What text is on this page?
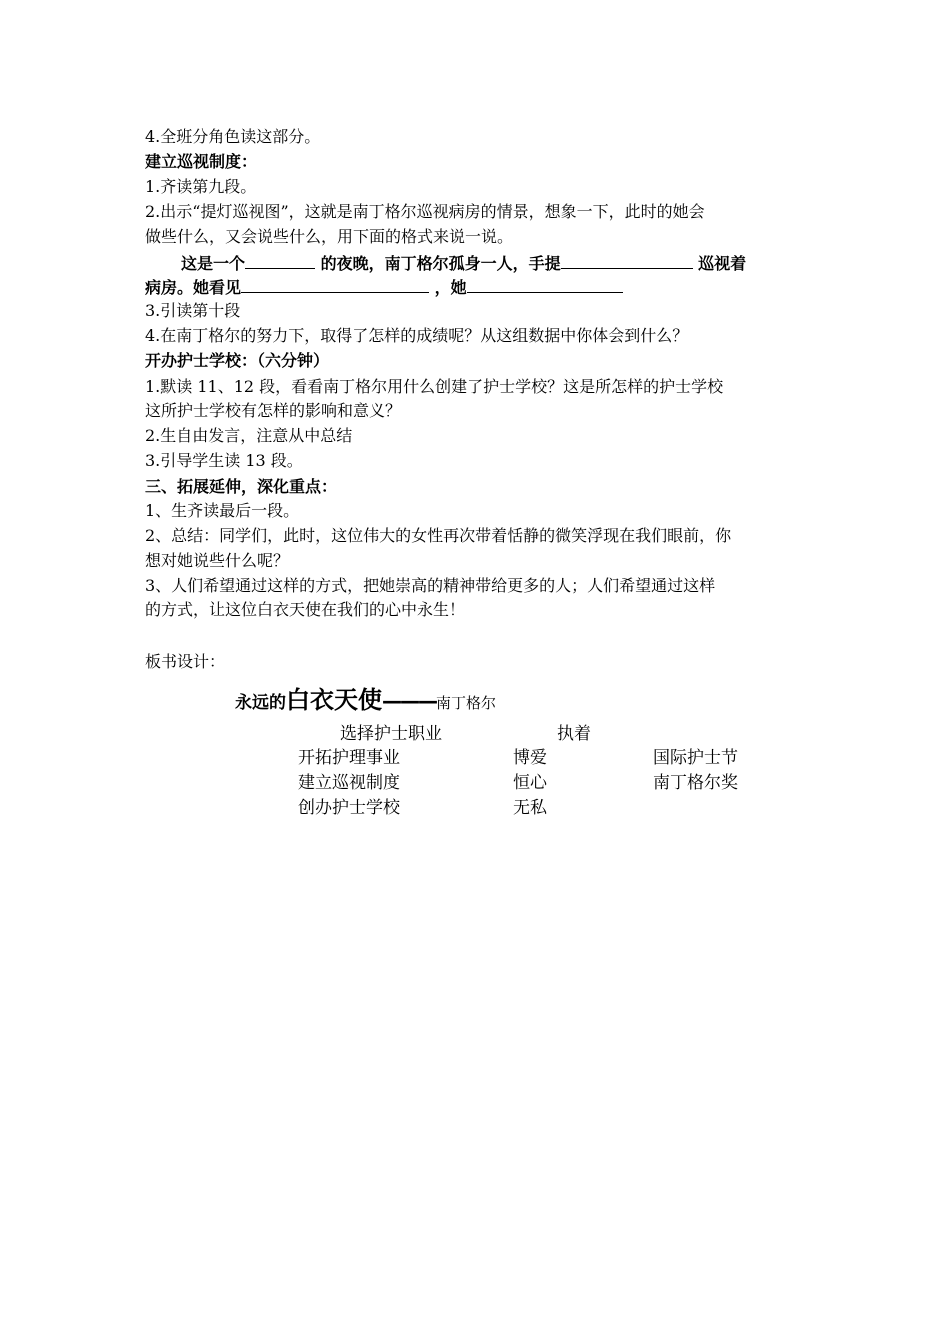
4.全班分角色读这部分。
建立巡视制度：
1.齐读第九段。
2.出示“提灯巡视图”，这就是南丁格尔巡视病房的情景，想象一下，此时的她会
做些什么，又会说些什么，用下面的格式来说一说。
这是一个	的夜晚，南丁格尔孤身一人，手提	巡视着
病房。她看见	，她
3.引读第十段
4.在南丁格尔的努力下，取得了怎样的成绩呢？从这组数据中你体会到什么？
开办护士学校：（六分钟）
1.默读 11、12 段，看看南丁格尔用什么创建了护士学校？这是所怎样的护士学校
这所护士学校有怎样的影响和意义？
2.生自由发言，注意从中总结
3.引导学生读 13 段。
三、拓展延伸，深化重点：
1、生齐读最后一段。
2、总结：同学们，此时，这位伟大的女性再次带着恬静的微笑浮现在我们眼前，你
想对她说些什么呢？
3、人们希望通过这样的方式，把她崇高的精神带给更多的人；人们希望通过这样
的方式，让这位白衣天使在我们的心中永生！
板书设计：
永远的白衣天使———南丁格尔
选择护士职业	执着
开拓护理事业	博爱	国际护士节
建立巡视制度	恒心	南丁格尔奖
创办护士学校	无私
